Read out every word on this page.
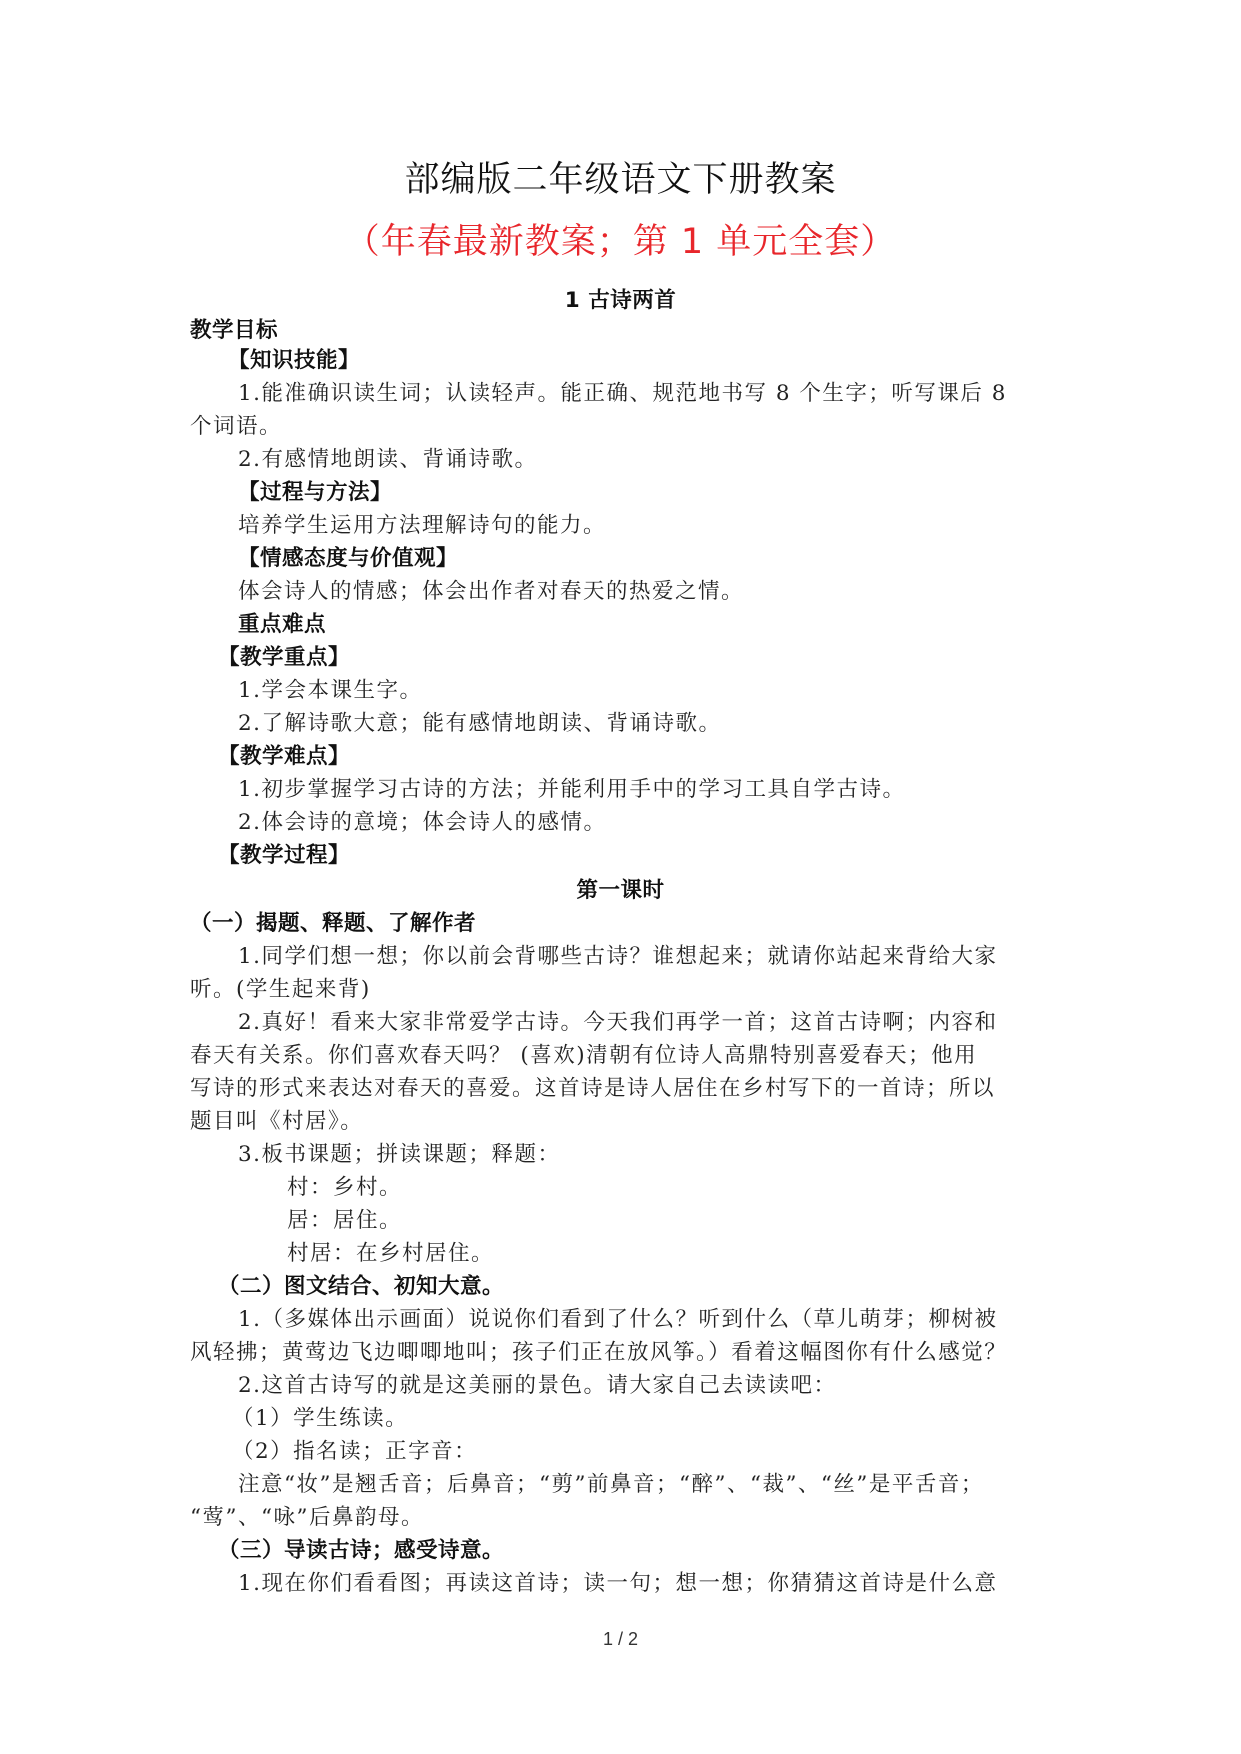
部编版二年级语文下册教案
（年春最新教案；第 1 单元全套）
1 古诗两首
教学目标
【知识技能】
1.能准确识读生词；认读轻声。能正确、规范地书写 8 个生字；听写课后 8
个词语。
2.有感情地朗读、背诵诗歌。
【过程与方法】
培养学生运用方法理解诗句的能力。
【情感态度与价值观】
体会诗人的情感；体会出作者对春天的热爱之情。
重点难点
【教学重点】
1.学会本课生字。
2.了解诗歌大意；能有感情地朗读、背诵诗歌。
【教学难点】
1.初步掌握学习古诗的方法；并能利用手中的学习工具自学古诗。
2.体会诗的意境；体会诗人的感情。
【教学过程】
第一课时
（一）揭题、释题、了解作者
1.同学们想一想；你以前会背哪些古诗？谁想起来；就请你站起来背给大家
听。(学生起来背)
2.真好！看来大家非常爱学古诗。今天我们再学一首；这首古诗啊；内容和
春天有关系。你们喜欢春天吗？ (喜欢)清朝有位诗人高鼎特别喜爱春天；他用
写诗的形式来表达对春天的喜爱。这首诗是诗人居住在乡村写下的一首诗；所以
题目叫《村居》。
3.板书课题；拼读课题；释题：
村：乡村。
居：居住。
村居：在乡村居住。
（二）图文结合、初知大意。
1.（多媒体出示画面）说说你们看到了什么？听到什么（草儿萌芽；柳树被
风轻拂；黄莺边飞边唧唧地叫；孩子们正在放风筝。）看着这幅图你有什么感觉？
2.这首古诗写的就是这美丽的景色。请大家自己去读读吧：
（1）学生练读。
（2）指名读；正字音：
注意“妆”是翘舌音；后鼻音；“剪”前鼻音；“醉”、“裁”、“丝”是平舌音；
“莺”、“咏”后鼻韵母。
（三）导读古诗；感受诗意。
1.现在你们看看图；再读这首诗；读一句；想一想；你猜猜这首诗是什么意
1 / 2
